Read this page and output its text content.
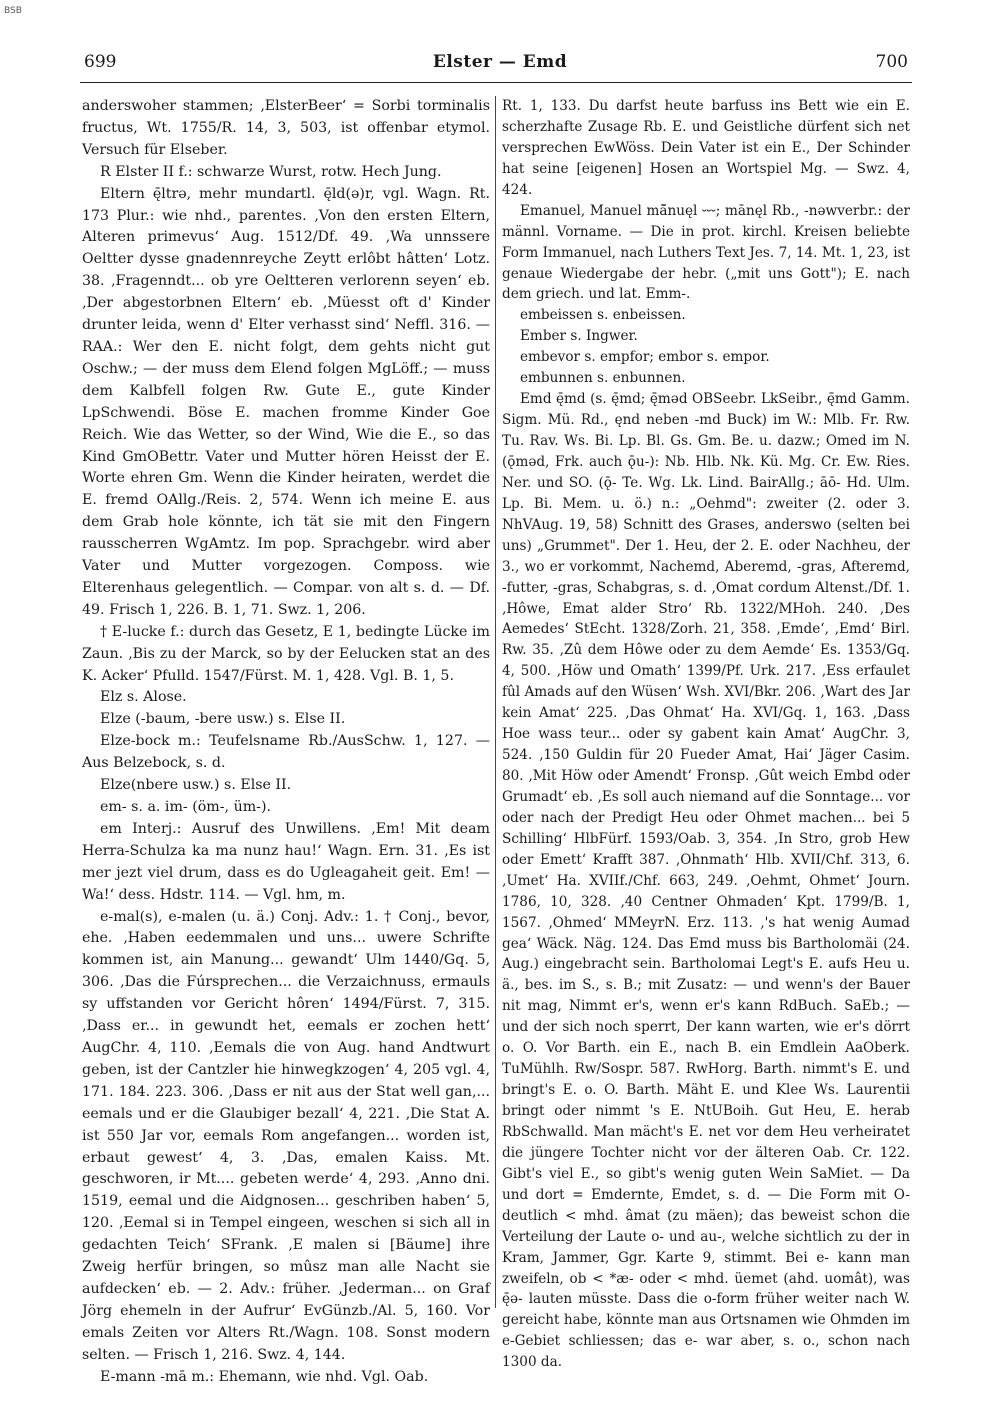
BSB
699	Elster — Emd	700

anderswoher stammen; ‚ElsterBeer‘ = Sorbi torminalis fructus, Wt. 1755/R. 14, 3, 503, ist offenbar etymol. Versuch für Elseber.

R Elster II f.: schwarze Wurst, rotw. Hech Jung.

Eltern ę̄ltrə, mehr mundartl. ę̄ld(ə)r, vgl. Wagn. Rt. 173 Plur.: wie nhd., parentes. ‚Von den ersten Eltern, Alteren primevus‘ Aug. 1512/Df. 49. ‚Wa unnssere Oeltter dysse gnadennreyche Zeytt erlôbt hâtten‘ Lotz. 38. ‚Fragenndt... ob yre Oeltteren verlorenn seyen‘ eb. ‚Der abgestorbnen Eltern‘ eb. ‚Müesst oft d' Kinder drunter leida, wenn d' Elter verhasst sind‘ Neffl. 316. — RAA.: Wer den E. nicht folgt, dem gehts nicht gut Oschw.; — der muss dem Elend folgen MgLöff.; — muss dem Kalbfell folgen Rw. Gute E., gute Kinder LpSchwendi. Böse E. machen fromme Kinder Goe Reich. Wie das Wetter, so der Wind, Wie die E., so das Kind GmOBettr. Vater und Mutter hören Heisst der E. Worte ehren Gm. Wenn die Kinder heiraten, werdet die E. fremd OAllg./Reis. 2, 574. Wenn ich meine E. aus dem Grab hole könnte, ich tät sie mit den Fingern rausscherren WgAmtz. Im pop. Sprachgebr. wird aber Vater und Mutter vorgezogen. Composs. wie Elterenhaus gelegentlich. — Compar. von alt s. d. — Df. 49. Frisch 1, 226. B. 1, 71. Swz. 1, 206.

† E-lucke f.: durch das Gesetz, E 1, bedingte Lücke im Zaun. ‚Bis zu der Marck, so by der Eelucken stat an des K. Acker‘ Pfulld. 1547/Fürst. M. 1, 428. Vgl. B. 1, 5.

Elz s. Alose.

Elze (-baum, -bere usw.) s. Else II.

Elze-bock m.: Teufelsname Rb./AusSchw. 1, 127. — Aus Belzebock, s. d.

Elze(nbere usw.) s. Else II.

em- s. a. im- (öm-, üm-).

em Interj.: Ausruf des Unwillens. ‚Em! Mit deam Herra-Schulza ka ma nunz hau!‘ Wagn. Ern. 31. ‚Es ist mer jezt viel drum, dass es do Ugleagaheit geit. Em! — Wa!‘ dess. Hdstr. 114. — Vgl. hm, m.

e-mal(s), e-malen (u. ä.) Conj. Adv.: 1. † Conj., bevor, ehe. ‚Haben eedemmalen und uns... uwere Schrifte kommen ist, ain Manung... gewandt‘ Ulm 1440/Gq. 5, 306. ‚Das die Fúrsprechen... die Verzaichnuss, ermauls sy uffstanden vor Gericht hôren‘ 1494/Fürst. 7, 315. ‚Dass er... in gewundt het, eemals er zochen hett‘ AugChr. 4, 110. ‚Eemals die von Aug. hand Andtwurt geben, ist der Cantzler hie hinwegkzogen‘ 4, 205 vgl. 4, 171. 184. 223. 306. ‚Dass er nit aus der Stat well gan,... eemals und er die Glaubiger bezall‘ 4, 221. ‚Die Stat A. ist 550 Jar vor, eemals Rom angefangen... worden ist, erbaut gewest‘ 4, 3. ‚Das, emalen Kaiss. Mt. geschworen, ir Mt.... gebeten werde‘ 4, 293. ‚Anno dni. 1519, eemal und die Aidgnosen... geschriben haben‘ 5, 120. ‚Eemal si in Tempel eingeen, weschen si sich all in gedachten Teich‘ SFrank. ‚E malen si [Bäume] ihre Zweig herfür bringen, so mûsz man alle Nacht sie aufdecken‘ eb. — 2. Adv.: früher. ‚Jederman... on Graf Jörg ehemeln in der Aufrur‘ EvGünzb./Al. 5, 160. Vor emals Zeiten vor Alters Rt./Wagn. 108. Sonst modern selten. — Frisch 1, 216. Swz. 4, 144.

E-mann -mā m.: Ehemann, wie nhd. Vgl. Oab.

Rt. 1, 133. Du darfst heute barfuss ins Bett wie ein E. scherzhafte Zusage Rb. E. und Geistliche dürfent sich net versprechen EwWöss. Dein Vater ist ein E., Der Schinder hat seine [eigenen] Hosen an Wortspiel Mg. — Swz. 4, 424.

Emanuel, Manuel mā̆nuęl ⏑⏑⏑; mānęl Rb., -nəwverbr.: der männl. Vorname. — Die in prot. kirchl. Kreisen beliebte Form Immanuel, nach Luthers Text Jes. 7, 14. Mt. 1, 23, ist genaue Wiedergabe der hebr. („mit uns Gott"); E. nach dem griech. und lat. Emm-.

embeissen s. enbeissen.

Ember s. Ingwer.

embevor s. empfor; embor s. empor.

embunnen s. enbunnen.

Emd ę̄md (s. ę̄md; ę̄məd OBSeebr. LkSeibr., ę̄md Gamm. Sigm. Mü. Rd., ęnd neben -md Buck) im W.: Mlb. Fr. Rw. Tu. Rav. Ws. Bi. Lp. Bl. Gs. Gm. Be. u. dazw.; Omed im N. (ǭməd, Frk. auch ǭu-): Nb. Hlb. Nk. Kü. Mg. Cr. Ew. Ries. Ner. und SO. (ǭ- Te. Wg. Lk. Lind. BairAllg.; āō- Hd. Ulm. Lp. Bi. Mem. u. ö.) n.: „Oehmd": zweiter (2. oder 3. NhVAug. 19, 58) Schnitt des Grases, anderswo (selten bei uns) „Grummet". Der 1. Heu, der 2. E. oder Nachheu, der 3., wo er vorkommt, Nachemd, Aberemd, -gras, Afteremd, -futter, -gras, Schabgras, s. d. ‚Omat cordum Altenst./Df. 1. ‚Hôwe, Emat alder Stro‘ Rb. 1322/MHoh. 240. ‚Des Aemedes‘ StEcht. 1328/Zorh. 21, 358. ‚Emde‘, ‚Emd‘ Birl. Rw. 35. ‚Zû dem Hôwe oder zu dem Aemde‘ Es. 1353/Gq. 4, 500. ‚Höw und Omath‘ 1399/Pf. Urk. 217. ‚Ess erfaulet fûl Amads auf den Wüsen‘ Wsh. XVI/Bkr. 206. ‚Wart des Jar kein Amat‘ 225. ‚Das Ohmat‘ Ha. XVI/Gq. 1, 163. ‚Dass Hoe wass teur... oder sy gabent kain Amat‘ AugChr. 3, 524. ‚150 Guldin für 20 Fueder Amat, Hai‘ Jäger Casim. 80. ‚Mit Höw oder Amendt‘ Fronsp. ‚Gût weich Embd oder Grumadt‘ eb. ‚Es soll auch niemand auf die Sonntage... vor oder nach der Predigt Heu oder Ohmet machen... bei 5 Schilling‘ HlbFürf. 1593/Oab. 3, 354. ‚In Stro, grob Hew oder Emett‘ Krafft 387. ‚Ohnmath‘ Hlb. XVII/Chf. 313, 6. ‚Umet‘ Ha. XVIIf./Chf. 663, 249. ‚Oehmt, Ohmet‘ Journ. 1786, 10, 328. ‚40 Centner Ohmaden‘ Kpt. 1799/B. 1, 1567. ‚Ohmed‘ MMeyrN. Erz. 113. ‚'s hat wenig Aumad gea‘ Wäck. Näg. 124. Das Emd muss bis Bartholomäi (24. Aug.) eingebracht sein. Bartholomai Legt's E. aufs Heu u. ä., bes. im S., s. B.; mit Zusatz: — und wenn's der Bauer nit mag, Nimmt er's, wenn er's kann RdBuch. SaEb.; — und der sich noch sperrt, Der kann warten, wie er's dörrt o. O. Vor Barth. ein E., nach B. ein Emdlein AaOberk. TuMühlh. Rw/Sospr. 587. RwHorg. Barth. nimmt's E. und bringt's E. o. O. Barth. Mäht E. und Klee Ws. Laurentii bringt oder nimmt 's E. NtUBoih. Gut Heu, E. herab RbSchwalld. Man mächt's E. net vor dem Heu verheiratet die jüngere Tochter nicht vor der älteren Oab. Cr. 122. Gibt's viel E., so gibt's wenig guten Wein SaMiet. — Da und dort = Emdernte, Emdet, s. d. — Die Form mit O- deutlich < mhd. âmat (zu mäen); das beweist schon die Verteilung der Laute o- und au-, welche sichtlich zu der in Kram, Jammer, Ggr. Karte 9, stimmt. Bei e- kann man zweifeln, ob < *æ- oder < mhd. üemet (ahd. uomât), was ę̄ə- lauten müsste. Dass die o-form früher weiter nach W. gereicht habe, könnte man aus Ortsnamen wie Ohmden im e-Gebiet schliessen; das e- war aber, s. o., schon nach 1300 da.
